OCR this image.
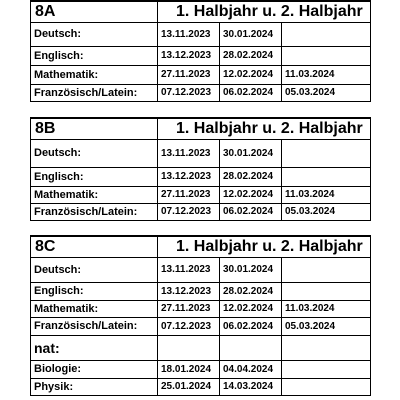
8A	1. Halbjahr u. 2. Halbjahr		
Deutsch:	13.11.2023	30.01.2024	
Englisch:	13.12.2023	28.02.2024	
Mathematik:	27.11.2023	12.02.2024	11.03.2024
Französisch/Latein:	07.12.2023	06.02.2024	05.03.2024
8B	1. Halbjahr u. 2. Halbjahr		
Deutsch:	13.11.2023	30.01.2024	
Englisch:	13.12.2023	28.02.2024	
Mathematik:	27.11.2023	12.02.2024	11.03.2024
Französisch/Latein:	07.12.2023	06.02.2024	05.03.2024
8C	1. Halbjahr u. 2. Halbjahr		
Deutsch:	13.11.2023	30.01.2024	
Englisch:	13.12.2023	28.02.2024	
Mathematik:	27.11.2023	12.02.2024	11.03.2024
Französisch/Latein:	07.12.2023	06.02.2024	05.03.2024
nat:			
Biologie:	18.01.2024	04.04.2024	
Physik:	25.01.2024	14.03.2024	
